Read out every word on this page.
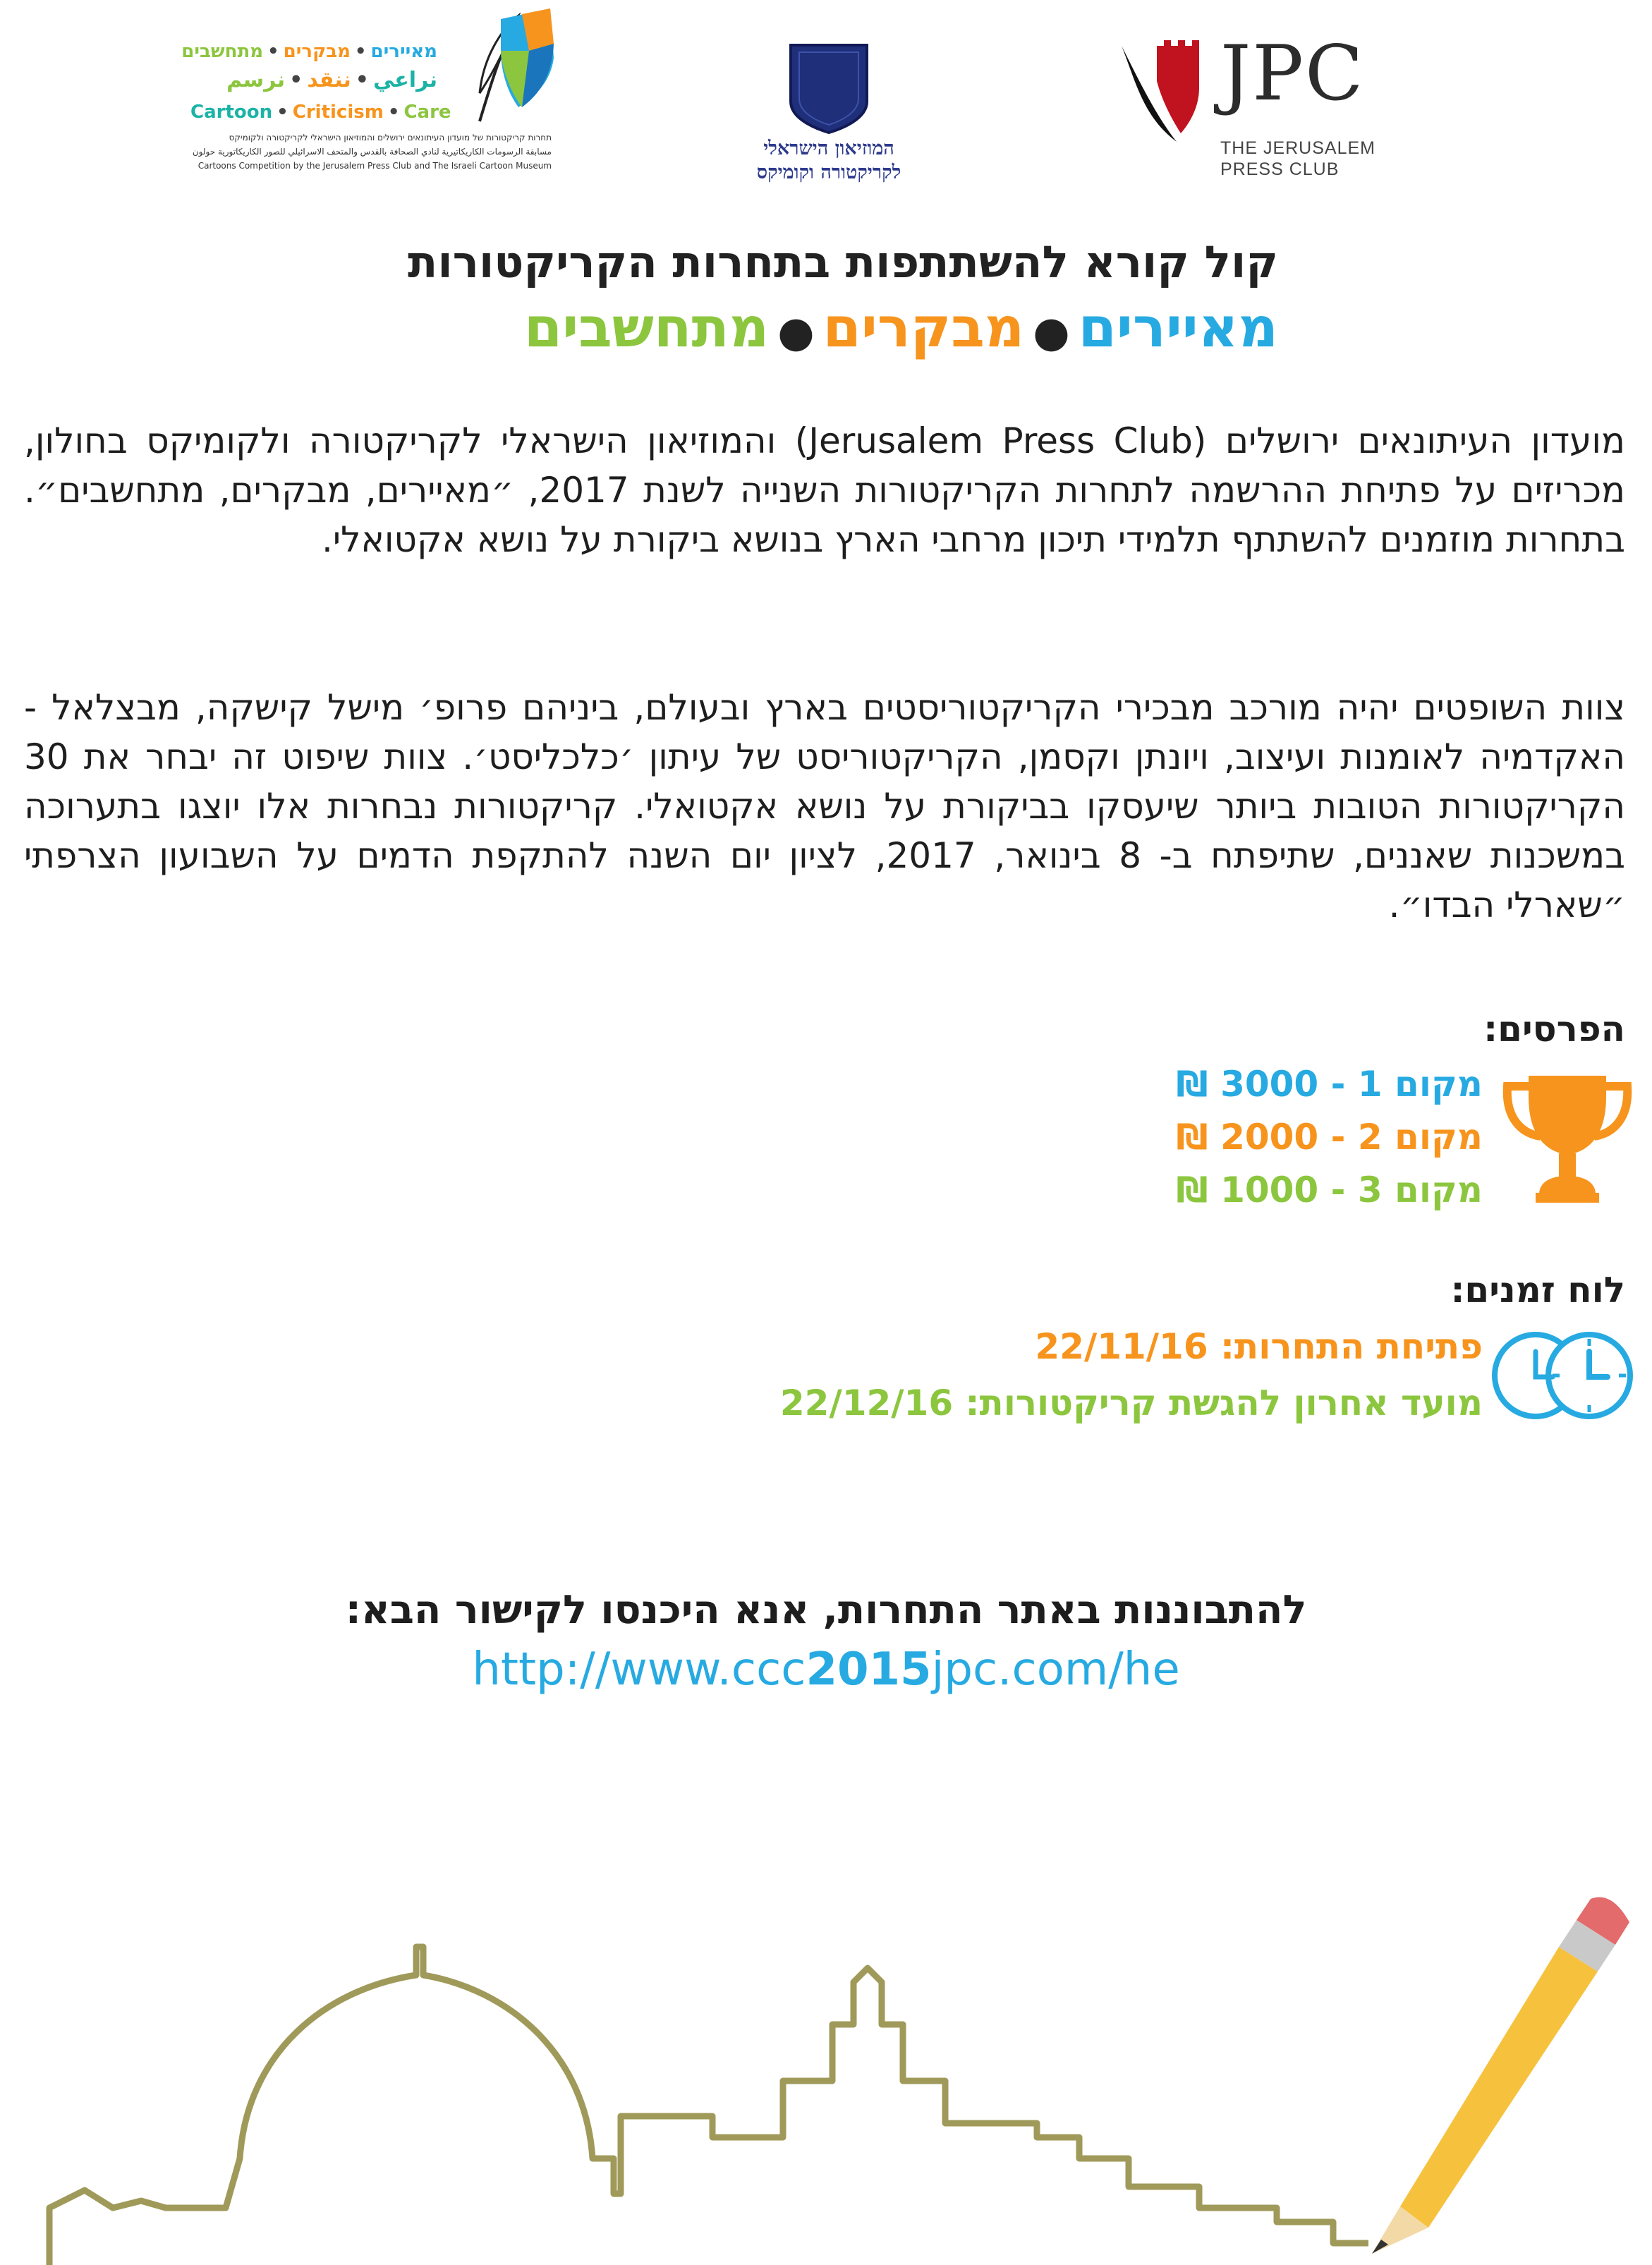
מאיירים•מבקרים•מתחשבים
نراعي•ننقد•نرسم
Cartoon • Criticism • Care
תחרות קריקטורות של מועדון העיתונאים ירושלים והמוזיאון הישראלי לקריקטורה ולקומיקס
مسابقة الرسومات الكاريكاتيرية لنادي الصحافة بالقدس والمتحف الاسرائيلي للصور الكاريكاتورية حولون
Cartoons Competition by the Jerusalem Press Club and The Israeli Cartoon Museum
המוזיאון הישראלי
לקריקטורה וקומיקס
JPC
THE JERUSALEM
PRESS CLUB
קול קורא להשתתפות בתחרות הקריקטורות
מאיירים●מבקרים●מתחשבים
מועדון העיתונאים ירושלים (Jerusalem Press Club) והמוזיאון הישראלי לקריקטורה ולקומיקס בחולון, מכריזים על פתיחת ההרשמה לתחרות הקריקטורות השנייה לשנת 2017, ״מאיירים, מבקרים, מתחשבים״. בתחרות מוזמנים להשתתף תלמידי תיכון מרחבי הארץ בנושא ביקורת על נושא אקטואלי.
צוות השופטים יהיה מורכב מבכירי הקריקטוריסטים בארץ ובעולם, ביניהם פרופ׳ מישל קישקה, מבצלאל - האקדמיה לאומנות ועיצוב, ויונתן וקסמן, הקריקטוריסט של עיתון ׳כלכליסט׳. צוות שיפוט זה יבחר את 30 הקריקטורות הטובות ביותר שיעסקו בביקורת על נושא אקטואלי. קריקטורות נבחרות אלו יוצגו בתערוכה במשכנות שאננים, שתיפתח ב- 8 בינואר, 2017, לציון יום השנה להתקפת הדמים על השבועון הצרפתי ״שארלי הבדו״.
הפרסים:
מקום 1 - 3000 ₪
מקום 2 - 2000 ₪
מקום 3 - 1000 ₪
לוח זמנים:
פתיחת התחרות: 22/11/16
מועד אחרון להגשת קריקטורות: 22/12/16
להתבוננות באתר התחרות, אנא היכנסו לקישור הבא:
http://www.ccc2015jpc.com/he
